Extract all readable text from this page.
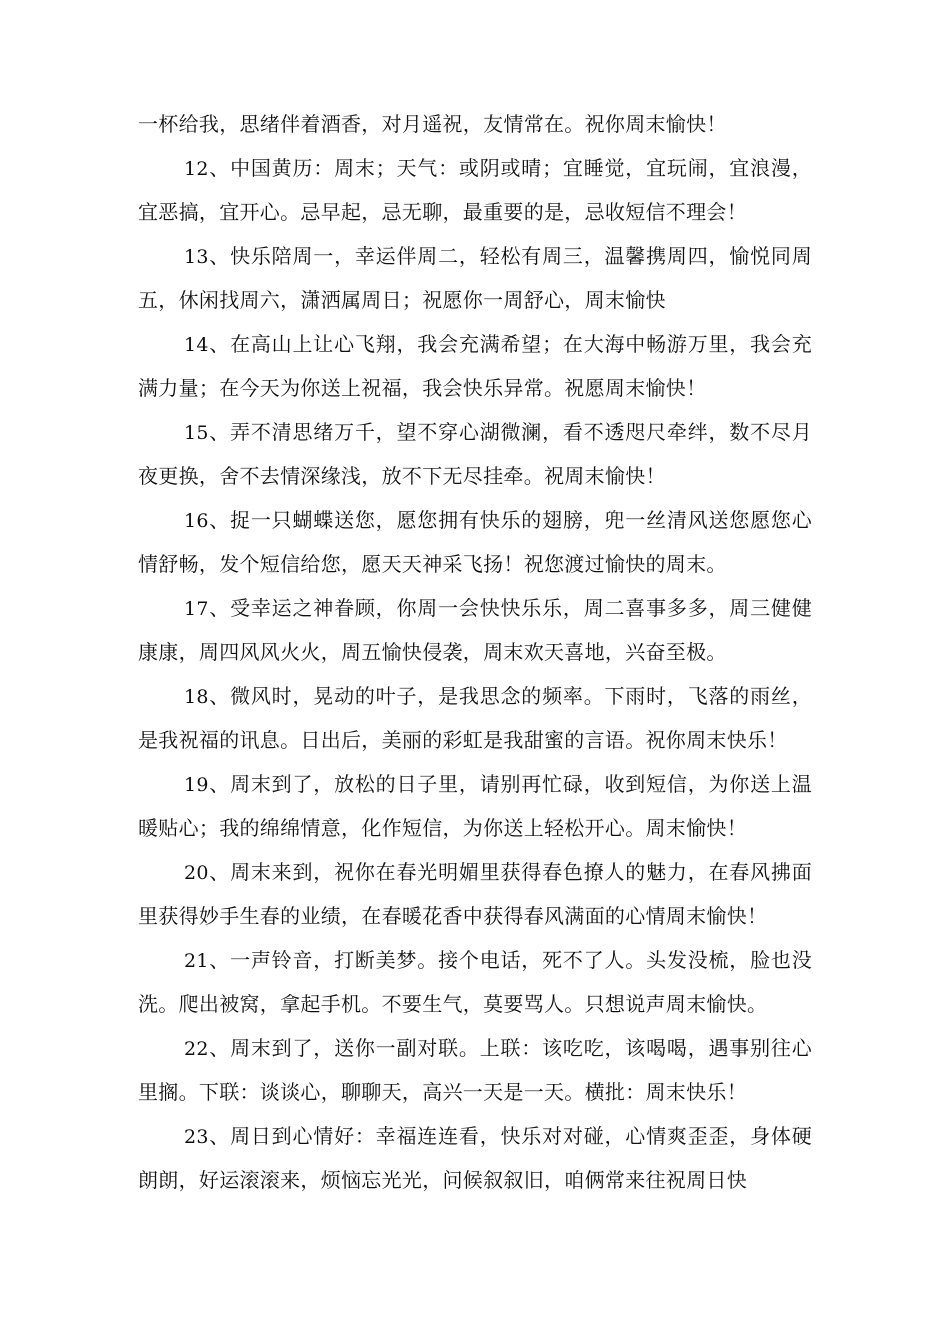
一杯给我，思绪伴着酒香，对月遥祝，友情常在。祝你周末愉快！

12、中国黄历：周末；天气：或阴或晴；宜睡觉，宜玩闹，宜浪漫，宜恶搞，宜开心。忌早起，忌无聊，最重要的是，忌收短信不理会！

13、快乐陪周一，幸运伴周二，轻松有周三，温馨携周四，愉悦同周五，休闲找周六，潇洒属周日；祝愿你一周舒心，周末愉快

14、在高山上让心飞翔，我会充满希望；在大海中畅游万里，我会充满力量；在今天为你送上祝福，我会快乐异常。祝愿周末愉快！

15、弄不清思绪万千，望不穿心湖微澜，看不透咫尺牵绊，数不尽月夜更换，舍不去情深缘浅，放不下无尽挂牵。祝周末愉快！

16、捉一只蝴蝶送您，愿您拥有快乐的翅膀，兜一丝清风送您愿您心情舒畅，发个短信给您，愿天天神采飞扬！祝您渡过愉快的周末。

17、受幸运之神眷顾，你周一会快快乐乐，周二喜事多多，周三健健康康，周四风风火火，周五愉快侵袭，周末欢天喜地，兴奋至极。

18、微风时，晃动的叶子，是我思念的频率。下雨时，飞落的雨丝，是我祝福的讯息。日出后，美丽的彩虹是我甜蜜的言语。祝你周末快乐！

19、周末到了，放松的日子里，请别再忙碌，收到短信，为你送上温暖贴心；我的绵绵情意，化作短信，为你送上轻松开心。周末愉快！

20、周末来到，祝你在春光明媚里获得春色撩人的魅力，在春风拂面里获得妙手生春的业绩，在春暖花香中获得春风满面的心情周末愉快！

21、一声铃音，打断美梦。接个电话，死不了人。头发没梳，脸也没洗。爬出被窝，拿起手机。不要生气，莫要骂人。只想说声周末愉快。

22、周末到了，送你一副对联。上联：该吃吃，该喝喝，遇事别往心里搁。下联：谈谈心，聊聊天，高兴一天是一天。横批：周末快乐！

23、周日到心情好：幸福连连看，快乐对对碰，心情爽歪歪，身体硬朗朗，好运滚滚来，烦恼忘光光，问候叙叙旧，咱俩常来往祝周日快
